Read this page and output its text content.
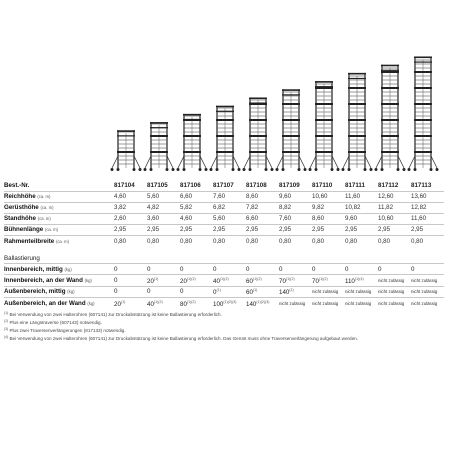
Best.-Nr.	817104	817105	817106	817107	817108	817109	817110	817111	817112	817113
Reichhöhe (ca. m)	4,60	5,60	6,60	7,60	8,60	9,60	10,60	11,60	12,60	13,60
Gerüsthöhe (ca. m)	3,82	4,82	5,82	6,82	7,82	8,82	9,82	10,82	11,82	12,82
Standhöhe (ca. m)	2,60	3,60	4,60	5,60	6,60	7,60	8,60	9,60	10,60	11,60
Bühnenlänge (ca. m)	2,95	2,95	2,95	2,95	2,95	2,95	2,95	2,95	2,95	2,95
Rahmenteilbreite (ca. m)	0,80	0,80	0,80	0,80	0,80	0,80	0,80	0,80	0,80	0,80
Ballastierung
Innenbereich, mittig (kg)	0	0	0	0	0	0	0	0	0	0
Innenbereich, an der Wand (kg)	0	20$^{(1)}$	$20^{(1)(2)}$	$40^{(1)(2)}$	$60^{(1)(2)}$	$70^{(1)(2)}$	$70^{(1)(2)}$	$110^{(1)(4)}$	nicht zulässig	nicht zulässig
Außenbereich, mittig (kg)	0	0	0	0$^{(1)}$	60$^{(1)}$	140$^{(1)}$	nicht zulässig	nicht zulässig	nicht zulässig	nicht zulässig
Außenbereich, an der Wand (kg)	20$^{(1)}$	$40^{(1)(2)}$	$80^{(1)(2)}$	$100^{(1)(2)(3)}$	$140^{(1)(2)(3)}$	nicht zulässig	nicht zulässig	nicht zulässig	nicht zulässig	nicht zulässig
$^{(1)}$ Bei Verwendung von zwei Halterohren (607141) zur Druckabstützung ist keine Ballastierung erforderlich.
$^{(2)}$ Plus eine Längstraverse (607143) notwendig.
$^{(3)}$ Plus zwei Traversenverlängerungen (817133) notwendig.
$^{(4)}$ Bei Verwendung von zwei Halterohren (607141) zur Druckabstützung ist keine Ballastierung erforderlich. Das Gerüst muss ohne Traversenverlängerung aufgebaut werden.
